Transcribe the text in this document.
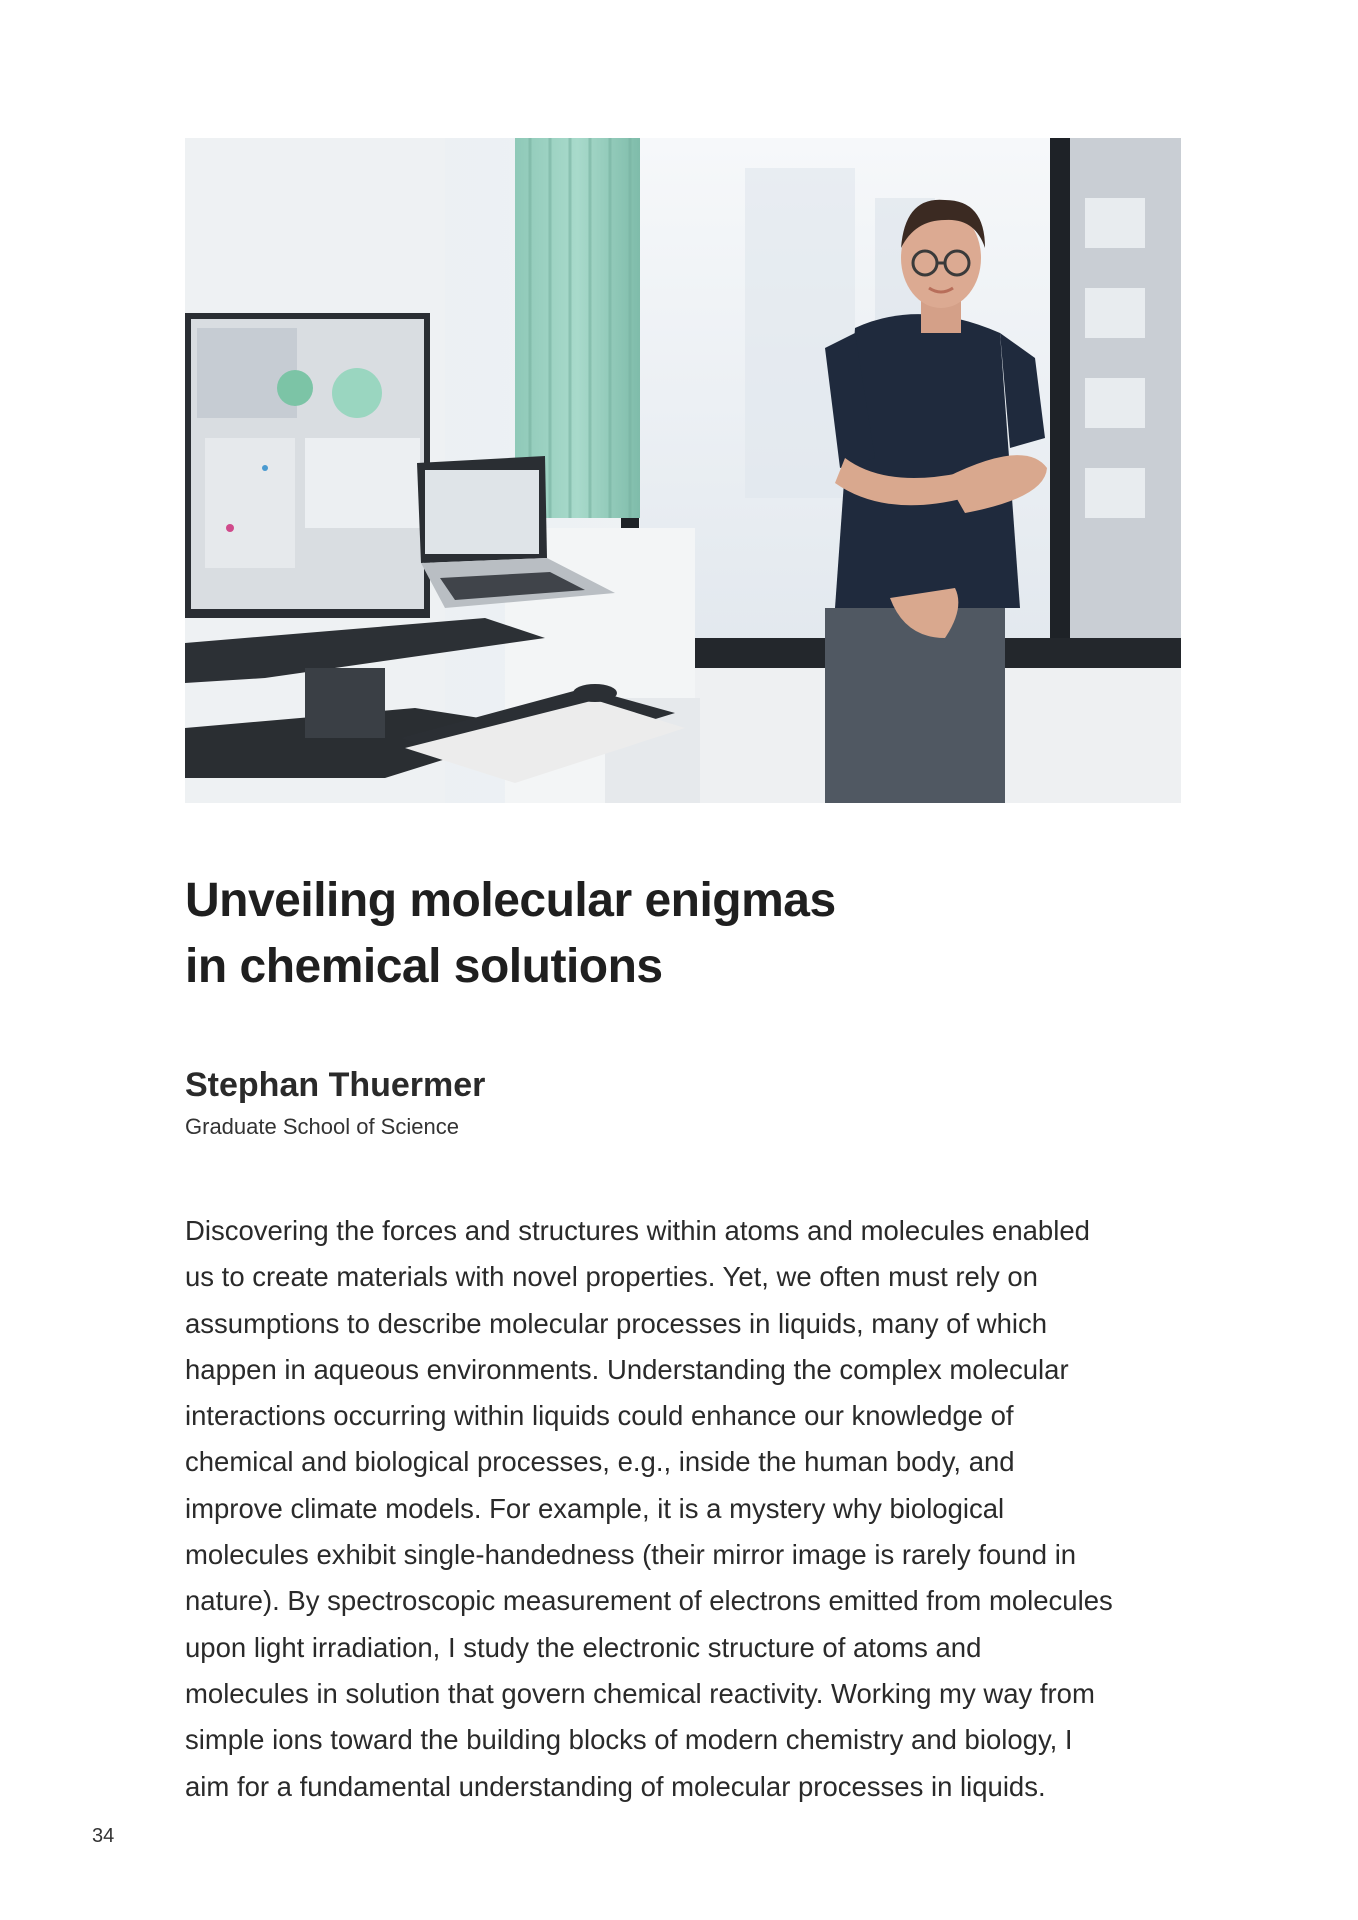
Unveiling molecular enigmas
in chemical solutions
Stephan Thuermer
Graduate School of Science

Discovering the forces and structures within atoms and molecules enabled
us to create materials with novel properties. Yet, we often must rely on
assumptions to describe molecular processes in liquids, many of which
happen in aqueous environments. Understanding the complex molecular
interactions occurring within liquids could enhance our knowledge of
chemical and biological processes, e.g., inside the human body, and
improve climate models. For example, it is a mystery why biological
molecules exhibit single-handedness (their mirror image is rarely found in
nature). By spectroscopic measurement of electrons emitted from molecules
upon light irradiation, I study the electronic structure of atoms and
molecules in solution that govern chemical reactivity. Working my way from
simple ions toward the building blocks of modern chemistry and biology, I
aim for a fundamental understanding of molecular processes in liquids.

34
